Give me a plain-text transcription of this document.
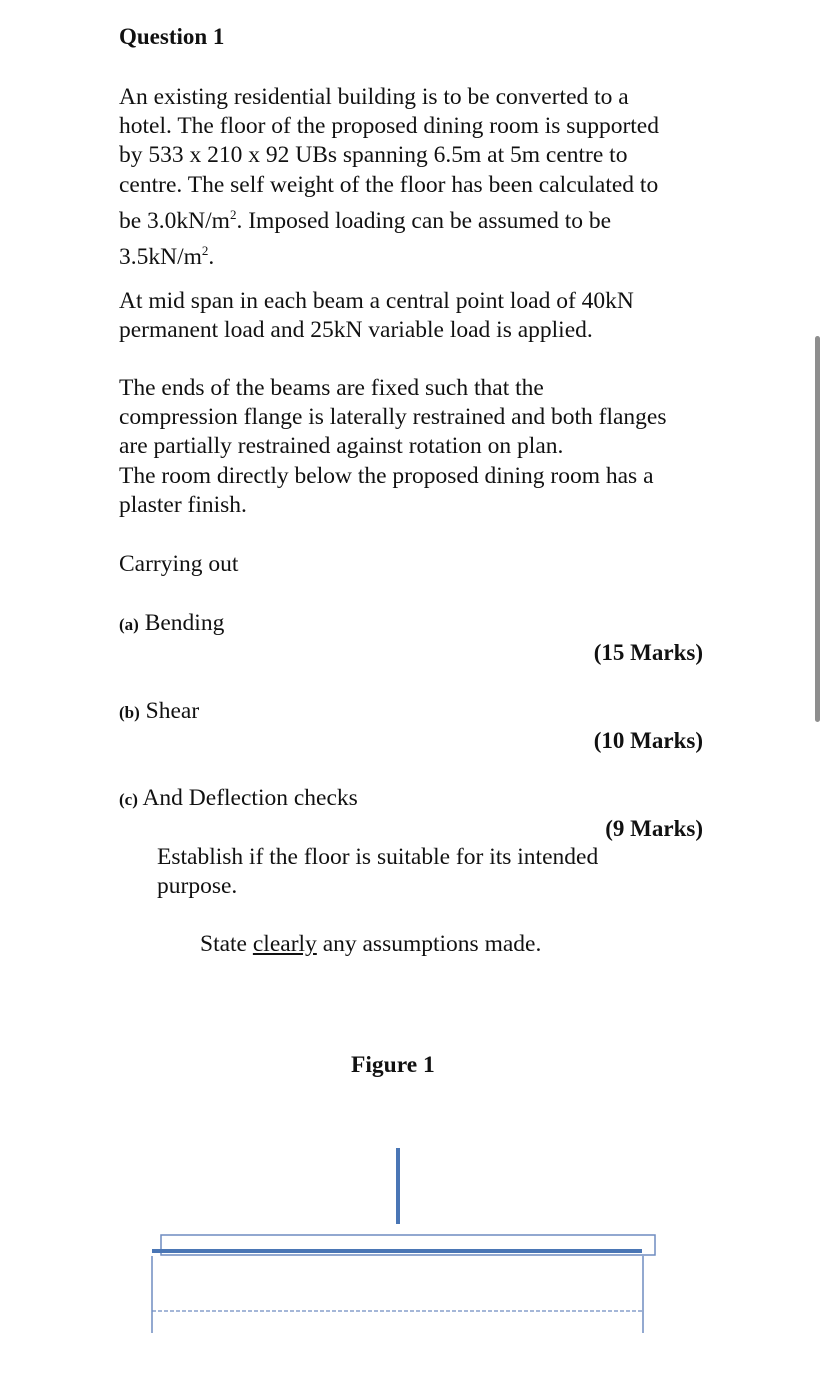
Question 1
An existing residential building is to be converted to a
hotel. The floor of the proposed dining room is supported
by 533 x 210 x 92 UBs spanning 6.5m at 5m centre to
centre. The self weight of the floor has been calculated to
be $3.0kN/m^2$. Imposed loading can be assumed to be
$3.5kN/m^2$.
At mid span in each beam a central point load of 40kN
permanent load and 25kN variable load is applied.
The ends of the beams are fixed such that the
compression flange is laterally restrained and both flanges
are partially restrained against rotation on plan.
The room directly below the proposed dining room has a
plaster finish.
Carrying out
(a) Bending
(15 Marks)
(b) Shear
(10 Marks)
(c) And Deflection checks
(9 Marks)
Establish if the floor is suitable for its intended
purpose.
State clearly any assumptions made.
Figure 1
